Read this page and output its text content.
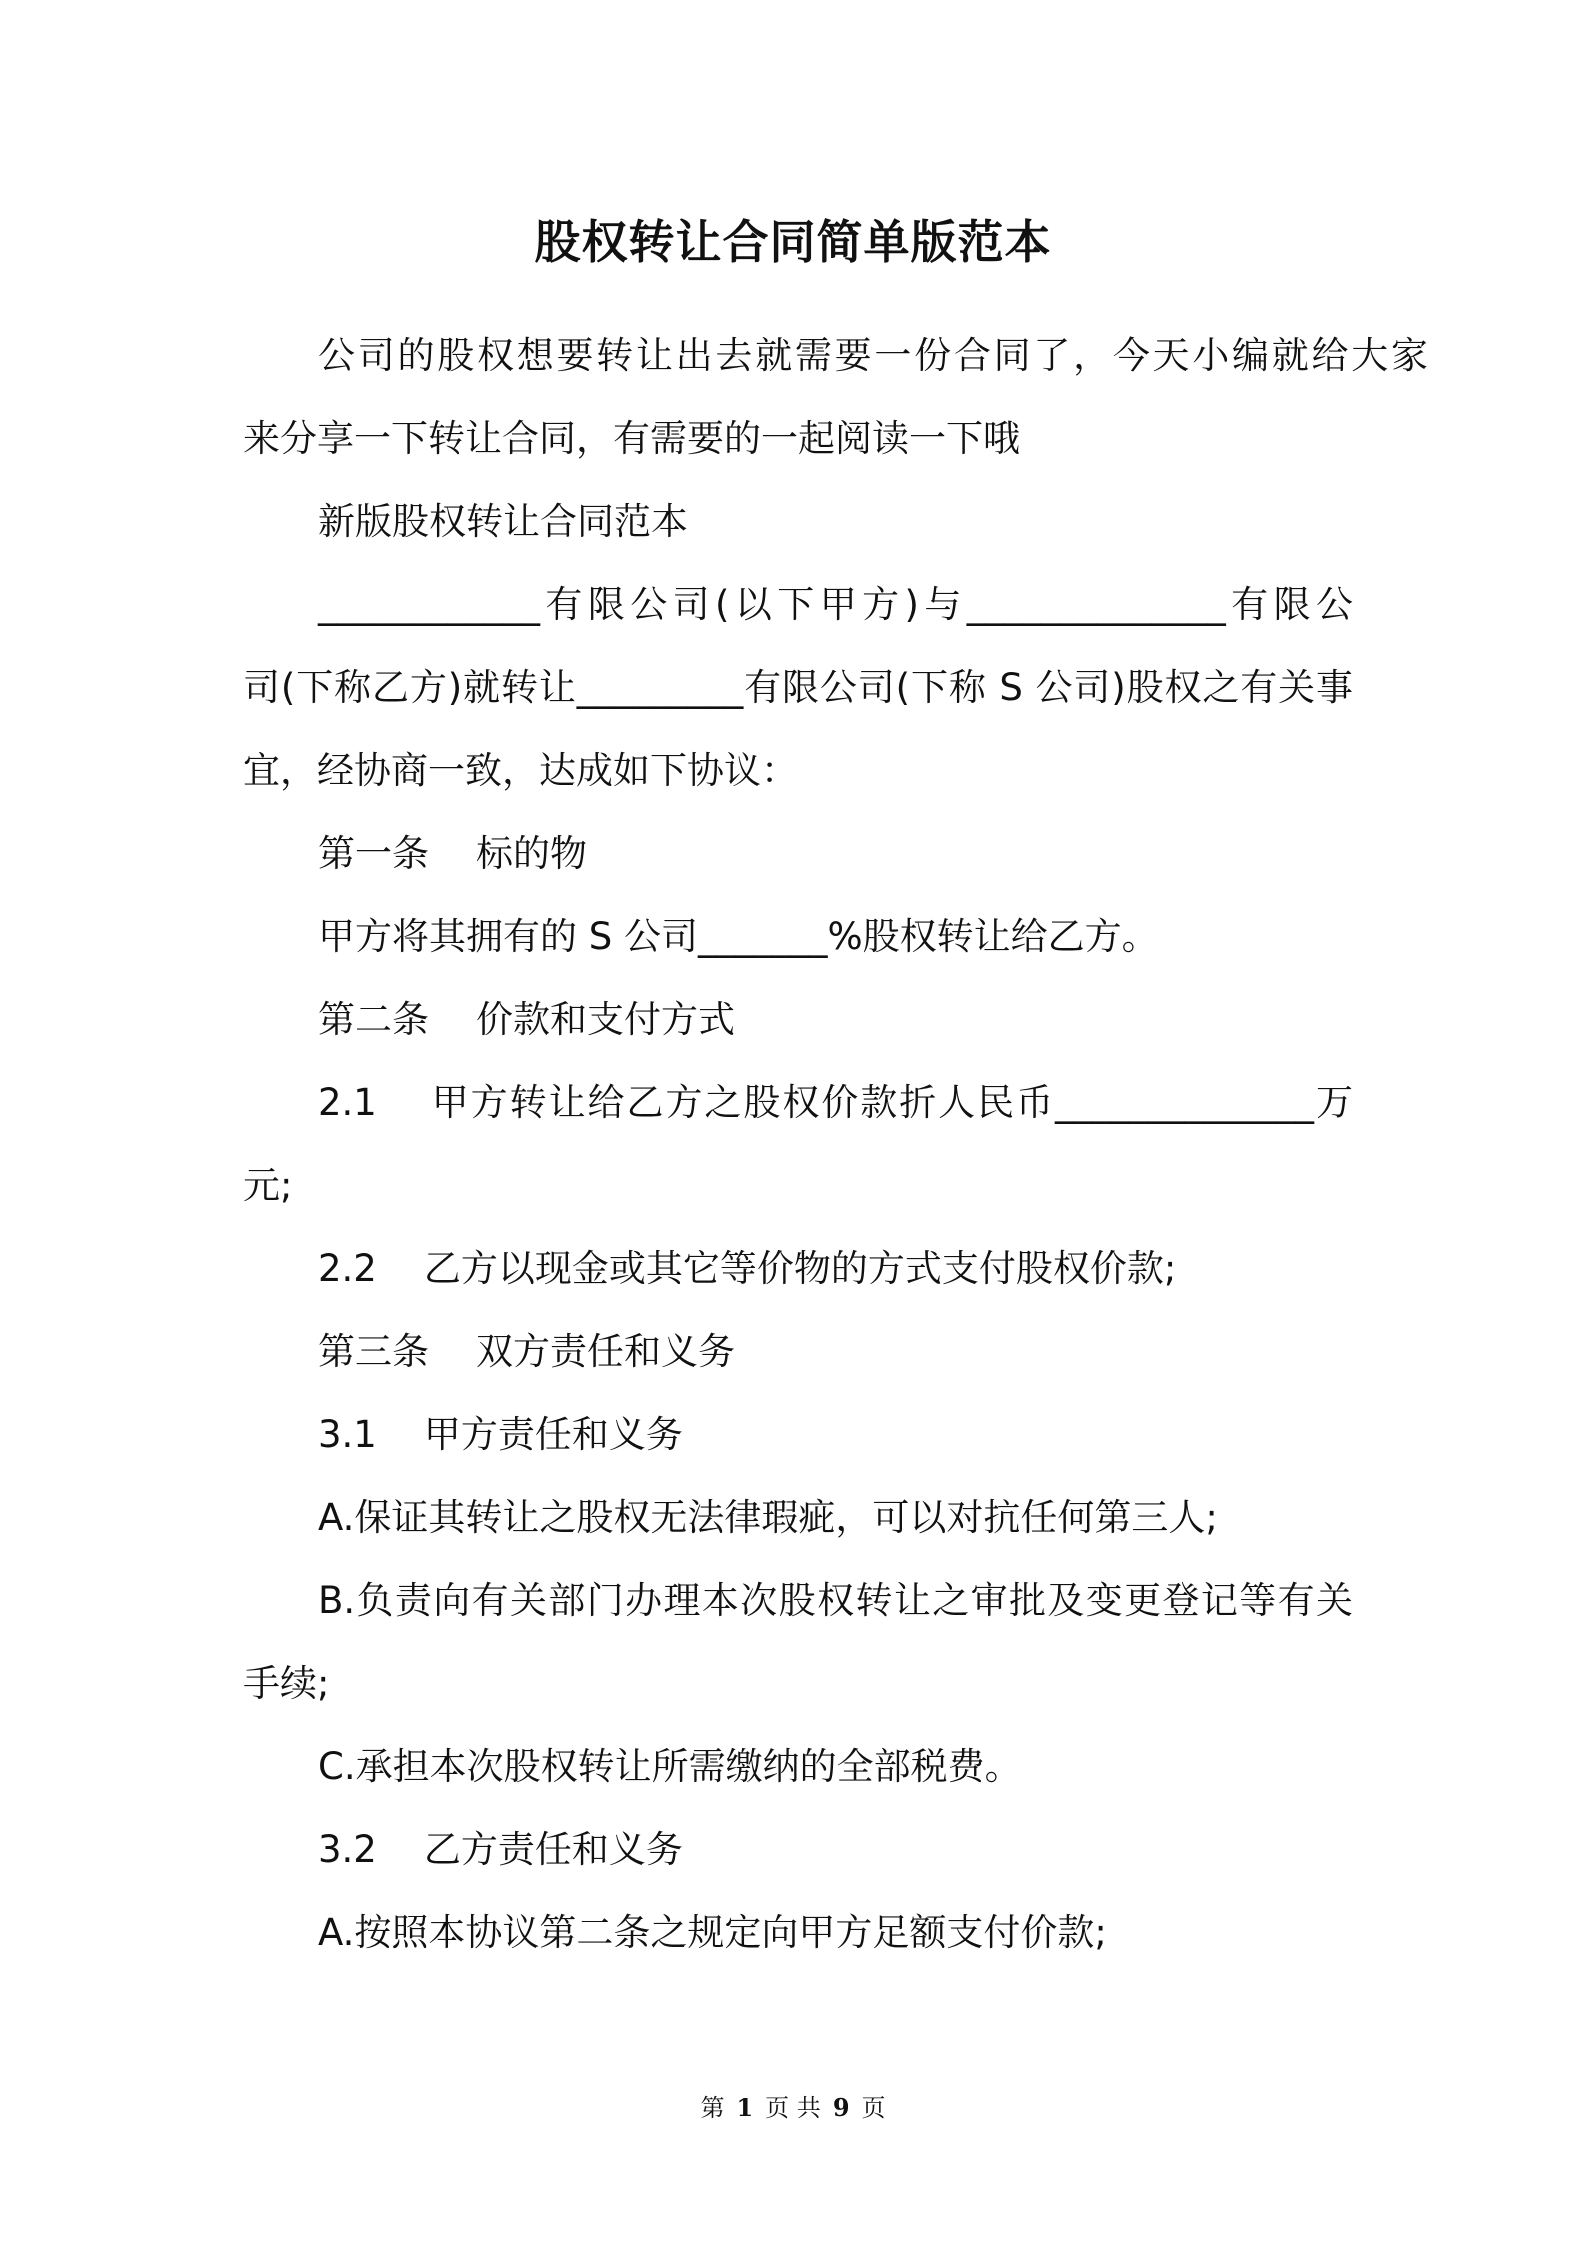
股权转让合同简单版范本

公司的股权想要转让出去就需要一份合同了，今天小编就给大家

来分享一下转让合同，有需要的一起阅读一下哦

新版股权转让合同范本

____________有限公司(以下甲方)与______________有限公

司(下称乙方)就转让_________有限公司(下称 S 公司)股权之有关事

宜，经协商一致，达成如下协议：

第一条    标的物

甲方将其拥有的 S 公司_______%股权转让给乙方。

第二条    价款和支付方式

2.1    甲方转让给乙方之股权价款折人民币______________万

元;

2.2    乙方以现金或其它等价物的方式支付股权价款;

第三条    双方责任和义务

3.1    甲方责任和义务

A.保证其转让之股权无法律瑕疵，可以对抗任何第三人;

B.负责向有关部门办理本次股权转让之审批及变更登记等有关

手续;

C.承担本次股权转让所需缴纳的全部税费。

3.2    乙方责任和义务

A.按照本协议第二条之规定向甲方足额支付价款;

第 1 页 共 9 页
